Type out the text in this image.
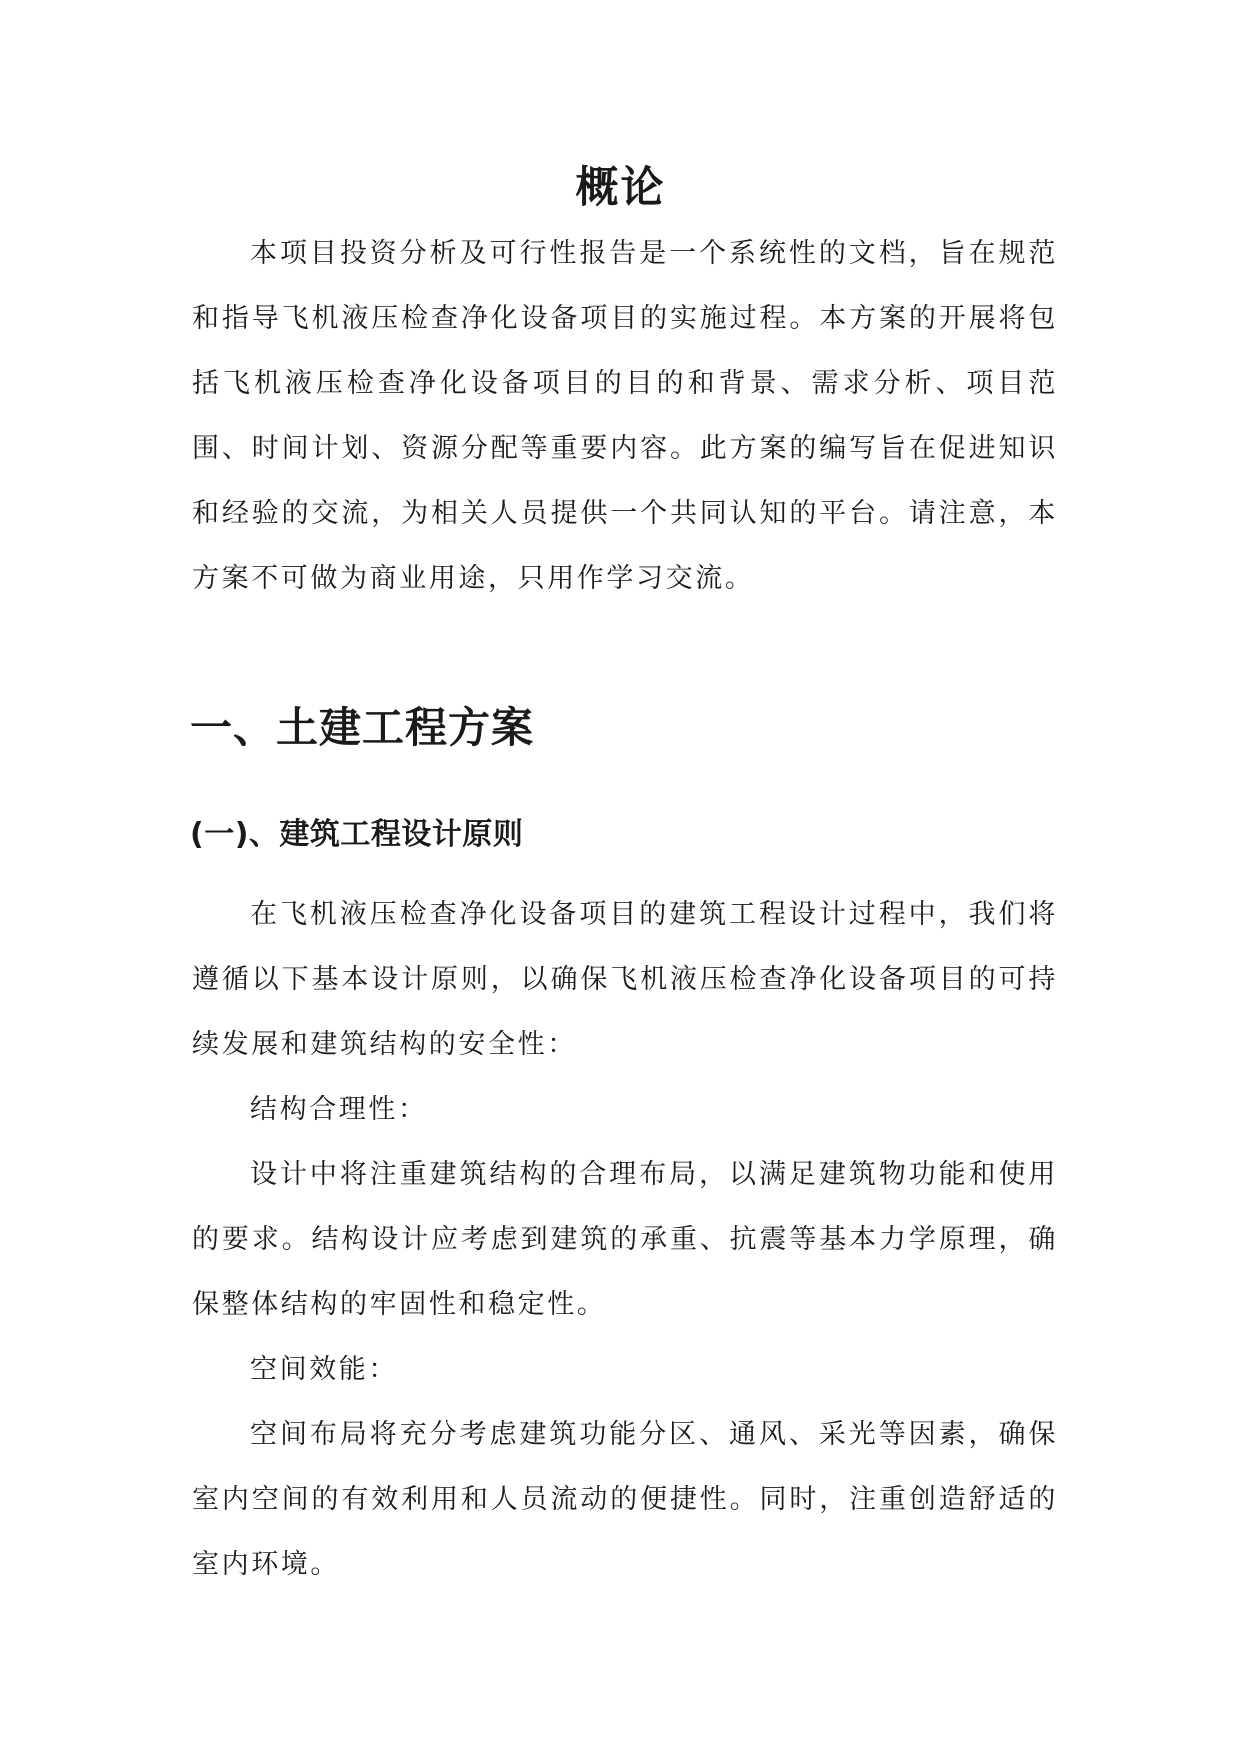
概论

本项目投资分析及可行性报告是一个系统性的文档，旨在规范和指导飞机液压检查净化设备项目的实施过程。本方案的开展将包括飞机液压检查净化设备项目的目的和背景、需求分析、项目范围、时间计划、资源分配等重要内容。此方案的编写旨在促进知识和经验的交流，为相关人员提供一个共同认知的平台。请注意，本方案不可做为商业用途，只用作学习交流。

一、土建工程方案
(一)、建筑工程设计原则

在飞机液压检查净化设备项目的建筑工程设计过程中，我们将遵循以下基本设计原则，以确保飞机液压检查净化设备项目的可持续发展和建筑结构的安全性：

结构合理性：

设计中将注重建筑结构的合理布局，以满足建筑物功能和使用的要求。结构设计应考虑到建筑的承重、抗震等基本力学原理，确保整体结构的牢固性和稳定性。

空间效能：

空间布局将充分考虑建筑功能分区、通风、采光等因素，确保室内空间的有效利用和人员流动的便捷性。同时，注重创造舒适的室内环境。
